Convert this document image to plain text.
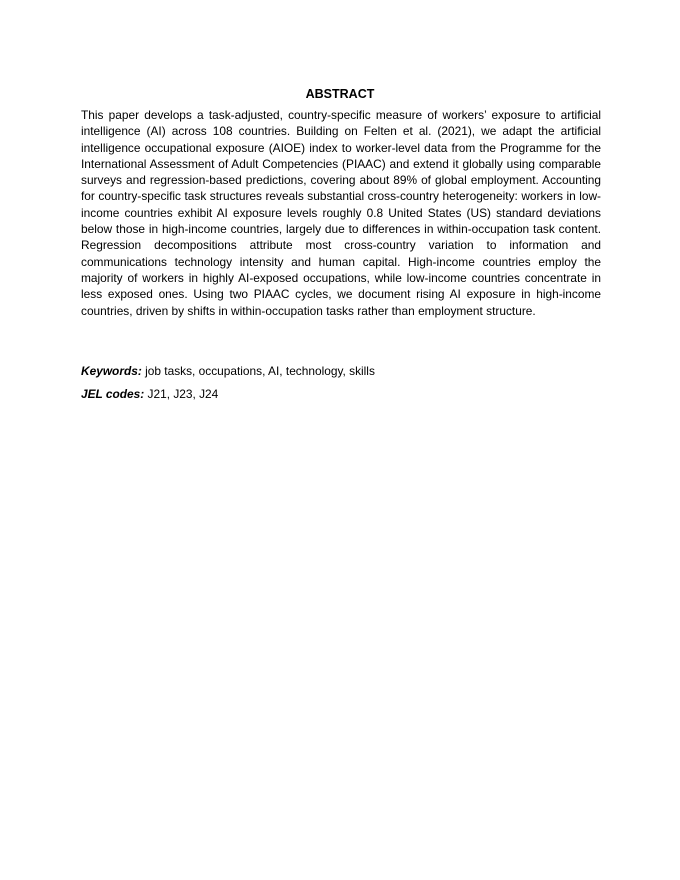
ABSTRACT

This paper develops a task-adjusted, country-specific measure of workers’ exposure to artificial intelligence (AI) across 108 countries. Building on Felten et al. (2021), we adapt the artificial intelligence occupational exposure (AIOE) index to worker-level data from the Programme for the International Assessment of Adult Competencies (PIAAC) and extend it globally using comparable surveys and regression-based predictions, covering about 89% of global employment. Accounting for country-specific task structures reveals substantial cross-country heterogeneity: workers in low-income countries exhibit AI exposure levels roughly 0.8 United States (US) standard deviations below those in high-income countries, largely due to differences in within-occupation task content. Regression decompositions attribute most cross-country variation to information and communications technology intensity and human capital. High-income countries employ the majority of workers in highly AI-exposed occupations, while low-income countries concentrate in less exposed ones. Using two PIAAC cycles, we document rising AI exposure in high-income countries, driven by shifts in within-occupation tasks rather than employment structure.

Keywords: job tasks, occupations, AI, technology, skills

JEL codes: J21, J23, J24
